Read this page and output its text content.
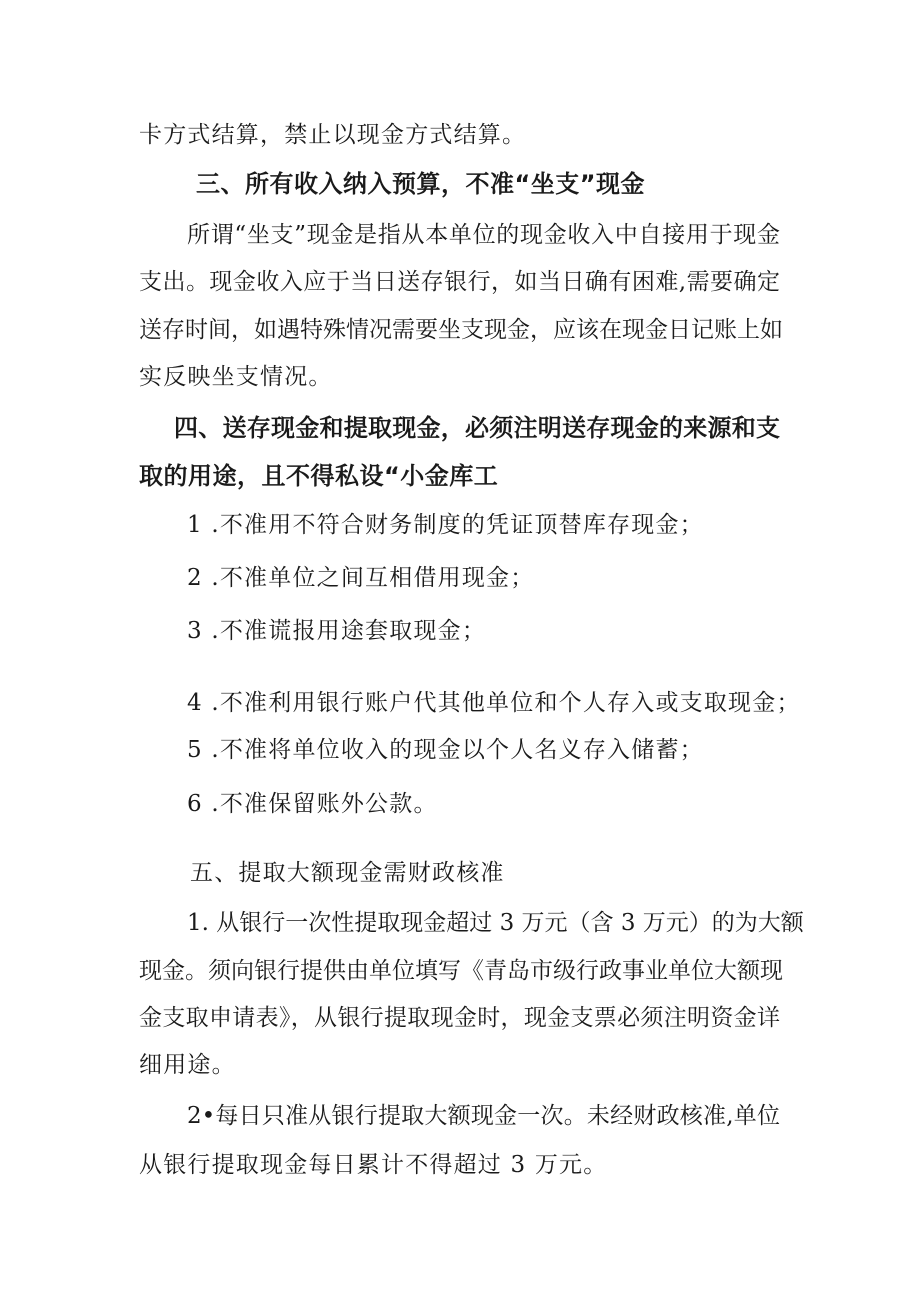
卡方式结算，禁止以现金方式结算。
三、所有收入纳入预算，不准“坐支”现金
所谓“坐支”现金是指从本单位的现金收入中自接用于现金
支出。现金收入应于当日送存银行，如当日确有困难,需要确定
送存时间，如遇特殊情况需要坐支现金，应该在现金日记账上如
实反映坐支情况。
四、送存现金和提取现金，必须注明送存现金的来源和支
取的用途，且不得私设“小金库工
1 .不准用不符合财务制度的凭证顶替库存现金；
2 .不准单位之间互相借用现金；
3 .不准谎报用途套取现金；
4 .不准利用银行账户代其他单位和个人存入或支取现金；
5 .不准将单位收入的现金以个人名义存入储蓄；
6 .不准保留账外公款。
五、提取大额现金需财政核准
1. 从银行一次性提取现金超过 3 万元（含 3 万元）的为大额
现金。须向银行提供由单位填写《青岛市级行政事业单位大额现
金支取申请表》，从银行提取现金时，现金支票必须注明资金详
细用途。
2•每日只准从银行提取大额现金一次。未经财政核准,单位
从银行提取现金每日累计不得超过 3 万元。
